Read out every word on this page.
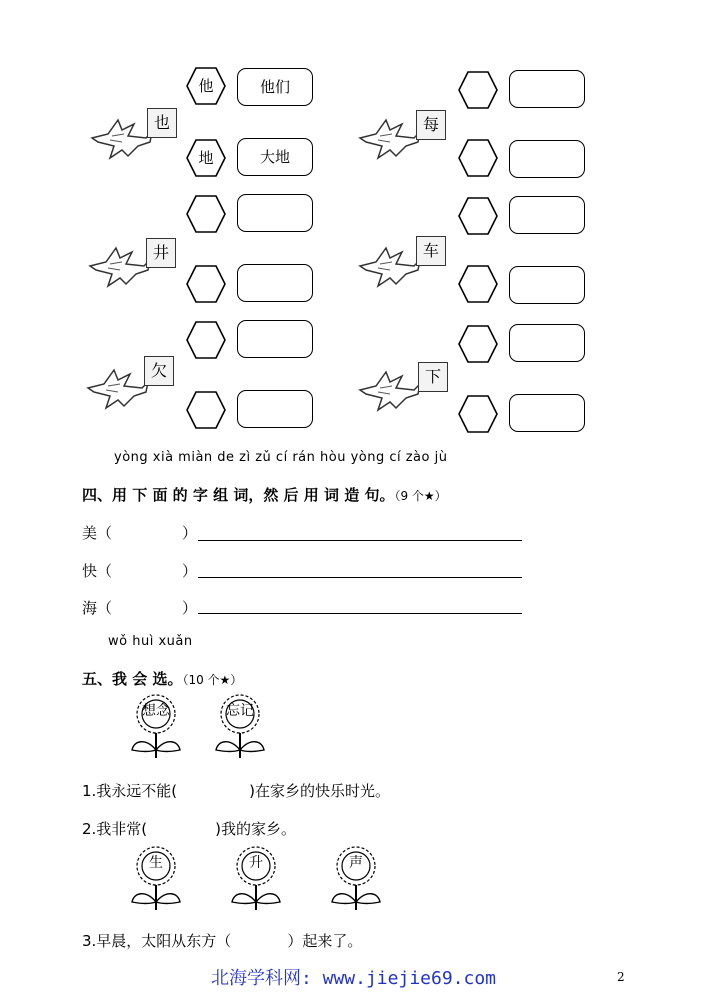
也
他	他们
地	大地
每
井	车
欠	下
yòng xià miàn de zì zǔ cí rán hòu yòng cí zào jù
四、用 下 面 的 字 组 词，然 后 用 词 造 句。（9 个★）
美（	）
快（	）
海（	）
wǒ huì xuǎn
五、我 会 选。（10 个★）
想念	忘记
1.我永远不能(	)在家乡的快乐时光。
2.我非常(	)我的家乡。
生	升	声
3.早晨，太阳从东方（	）起来了。
北海学科网: www.jiejie69.com	2
